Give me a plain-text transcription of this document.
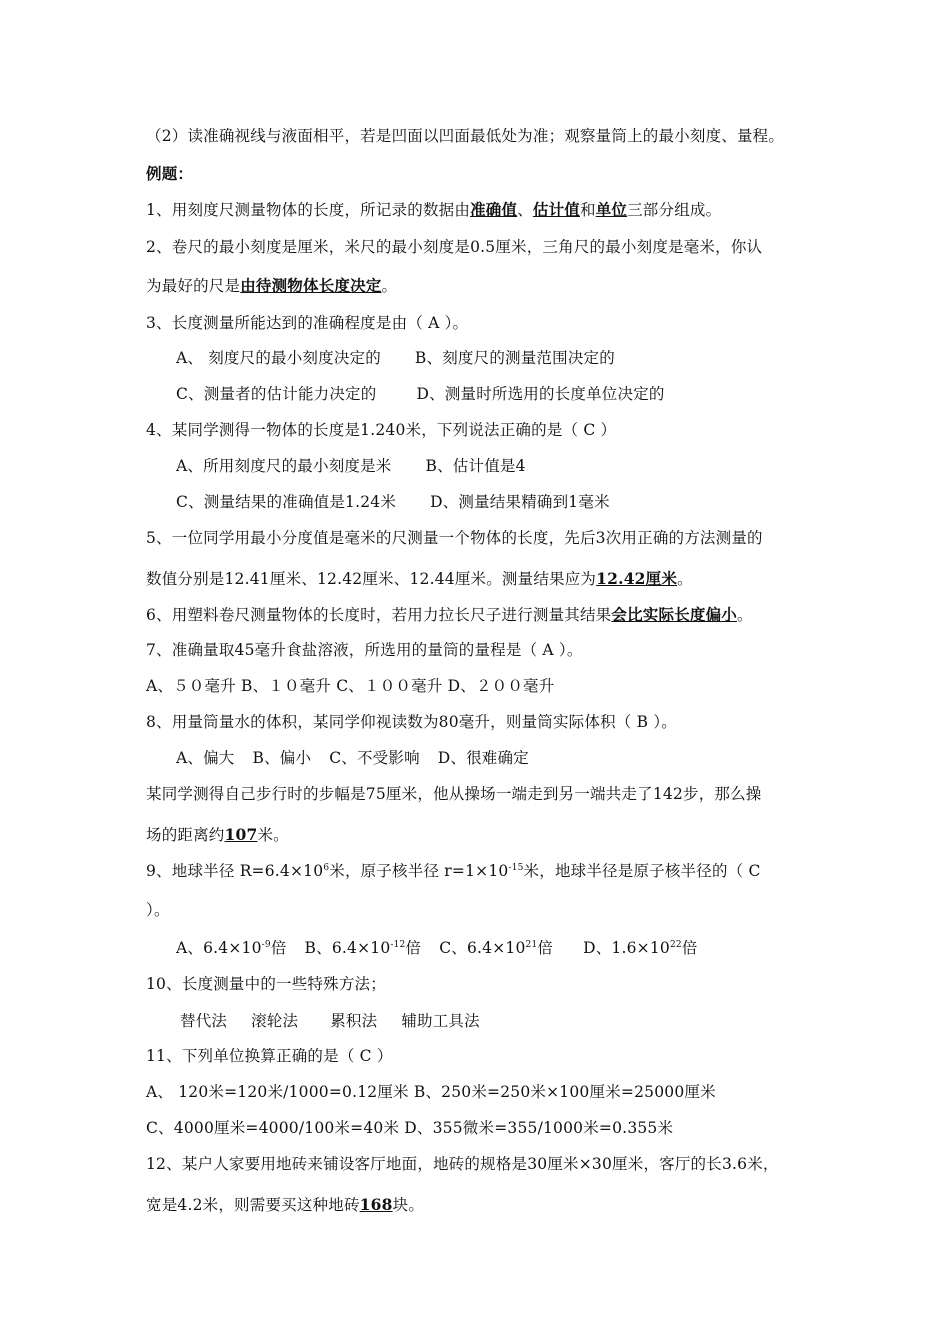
（2）读准确视线与液面相平，若是凹面以凹面最低处为准；观察量筒上的最小刻度、量程。
例题：
1、用刻度尺测量物体的长度，所记录的数据由准确值、估计值和单位三部分组成。
2、卷尺的最小刻度是厘米，米尺的最小刻度是0.5厘米，三角尺的最小刻度是毫米，你认
为最好的尺是由待测物体长度决定。
3、长度测量所能达到的准确程度是由（ A ）。
A、 刻度尺的最小刻度决定的 B、刻度尺的测量范围决定的
C、测量者的估计能力决定的	D、测量时所选用的长度单位决定的
4、某同学测得一物体的长度是1.240米，下列说法正确的是（ C ）
A、所用刻度尺的最小刻度是米 B、估计值是4
C、测量结果的准确值是1.24米 D、测量结果精确到1毫米
5、一位同学用最小分度值是毫米的尺测量一个物体的长度，先后3次用正确的方法测量的
数值分别是12.41厘米、12.42厘米、12.44厘米。测量结果应为12.42厘米。
6、用塑料卷尺测量物体的长度时，若用力拉长尺子进行测量其结果会比实际长度偏小。
7、准确量取45毫升食盐溶液，所选用的量筒的量程是（ A ）。
A、５０毫升 B、１０毫升 C、１００毫升 D、２００毫升
8、用量筒量水的体积，某同学仰视读数为80毫升，则量筒实际体积（ B ）。
A、偏大 B、偏小 C、不受影响 D、很难确定
某同学测得自己步行时的步幅是75厘米，他从操场一端走到另一端共走了142步，那么操
场的距离约107米。
9、地球半径 $R=6.4\times 10^6$米，原子核半径 $r=1\times 10^{-15}$米，地球半径是原子核半径的（ C
）。
A、$6.4\times 10^{-9}$倍 B、$6.4\times 10^{-12}$倍 C、$6.4\times 10^{21}$倍 D、$1.6\times 10^{22}$倍
10、长度测量中的一些特殊方法；
替代法 滚轮法 累积法 辅助工具法
11、下列单位换算正确的是（ C ）
A、 120米=120米/1000=0.12厘米 B、250米=250米×100厘米=25000厘米
C、4000厘米=4000/100米=40米 D、355微米=355/1000米=0.355米
12、某户人家要用地砖来铺设客厅地面，地砖的规格是30厘米×30厘米，客厅的长3.6米，
宽是4.2米，则需要买这种地砖168块。
